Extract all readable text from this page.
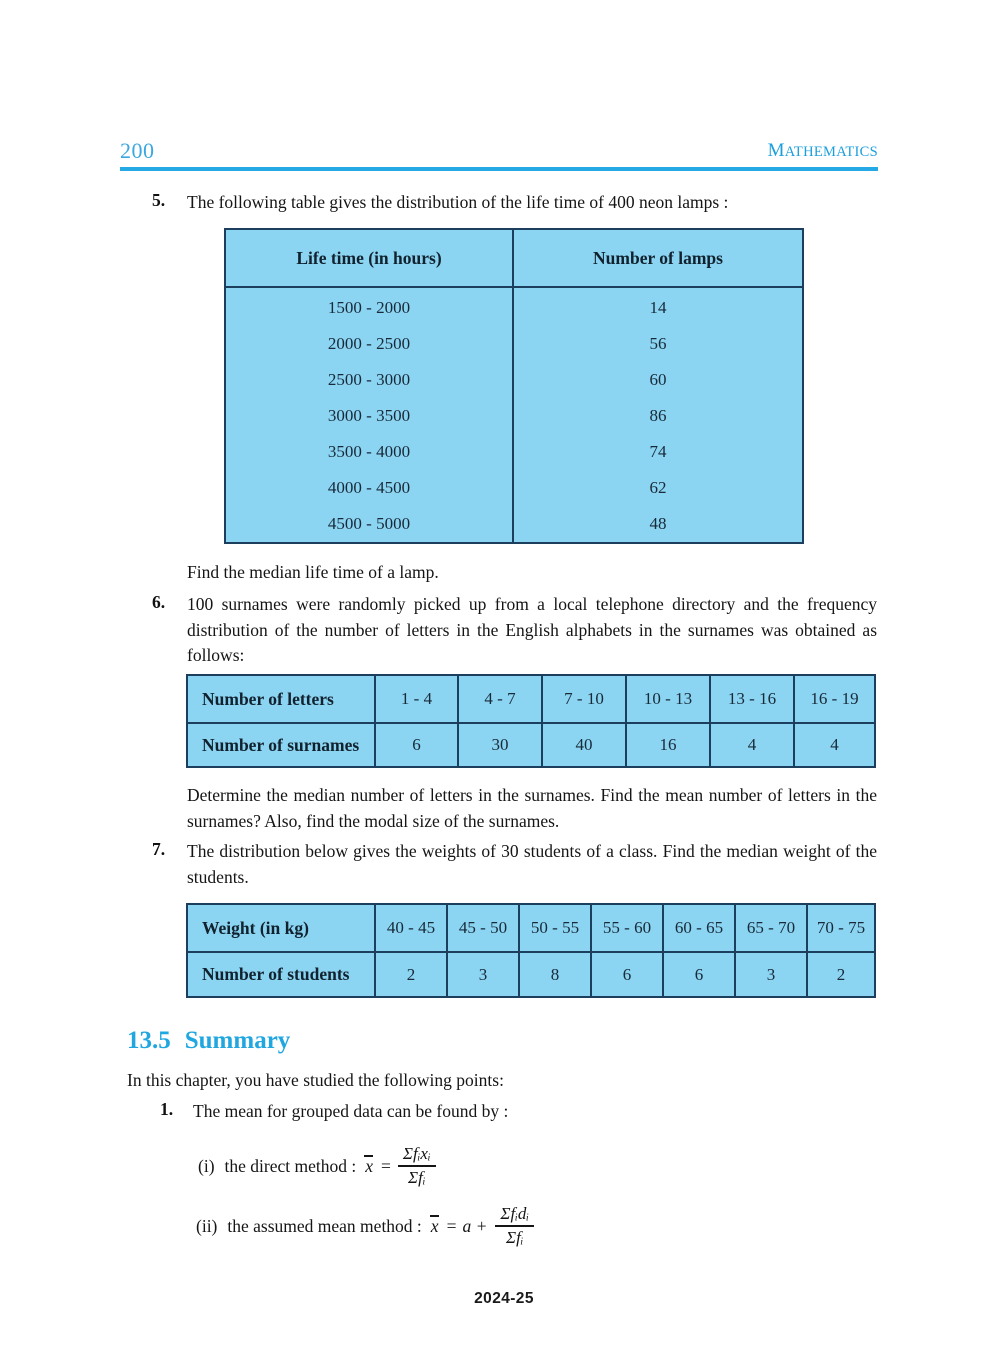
200	MATHEMATICS
5. The following table gives the distribution of the life time of 400 neon lamps :
Life time (in hours)	Number of lamps
1500 - 2000	14
2000 - 2500	56
2500 - 3000	60
3000 - 3500	86
3500 - 4000	74
4000 - 4500	62
4500 - 5000	48
Find the median life time of a lamp.
6. 100 surnames were randomly picked up from a local telephone directory and the frequency distribution of the number of letters in the English alphabets in the surnames was obtained as follows:
Number of letters	1 - 4	4 - 7	7 - 10	10 - 13	13 - 16	16 - 19
Number of surnames	6	30	40	16	4	4
Determine the median number of letters in the surnames. Find the mean number of letters in the surnames? Also, find the modal size of the surnames.
7. The distribution below gives the weights of 30 students of a class. Find the median weight of the students.
Weight (in kg)	40 - 45	45 - 50	50 - 55	55 - 60	60 - 65	65 - 70	70 - 75
Number of students	2	3	8	6	6	3	2
13.5 Summary
In this chapter, you have studied the following points:
1. The mean for grouped data can be found by :
(i) the direct method : $x = \frac{\text{Σfᵢxᵢ}}{\text{Σfᵢ}}$
(ii) the assumed mean method : $x = a + \frac{\text{Σfᵢdᵢ}}{\text{Σfᵢ}}$
2024-25
